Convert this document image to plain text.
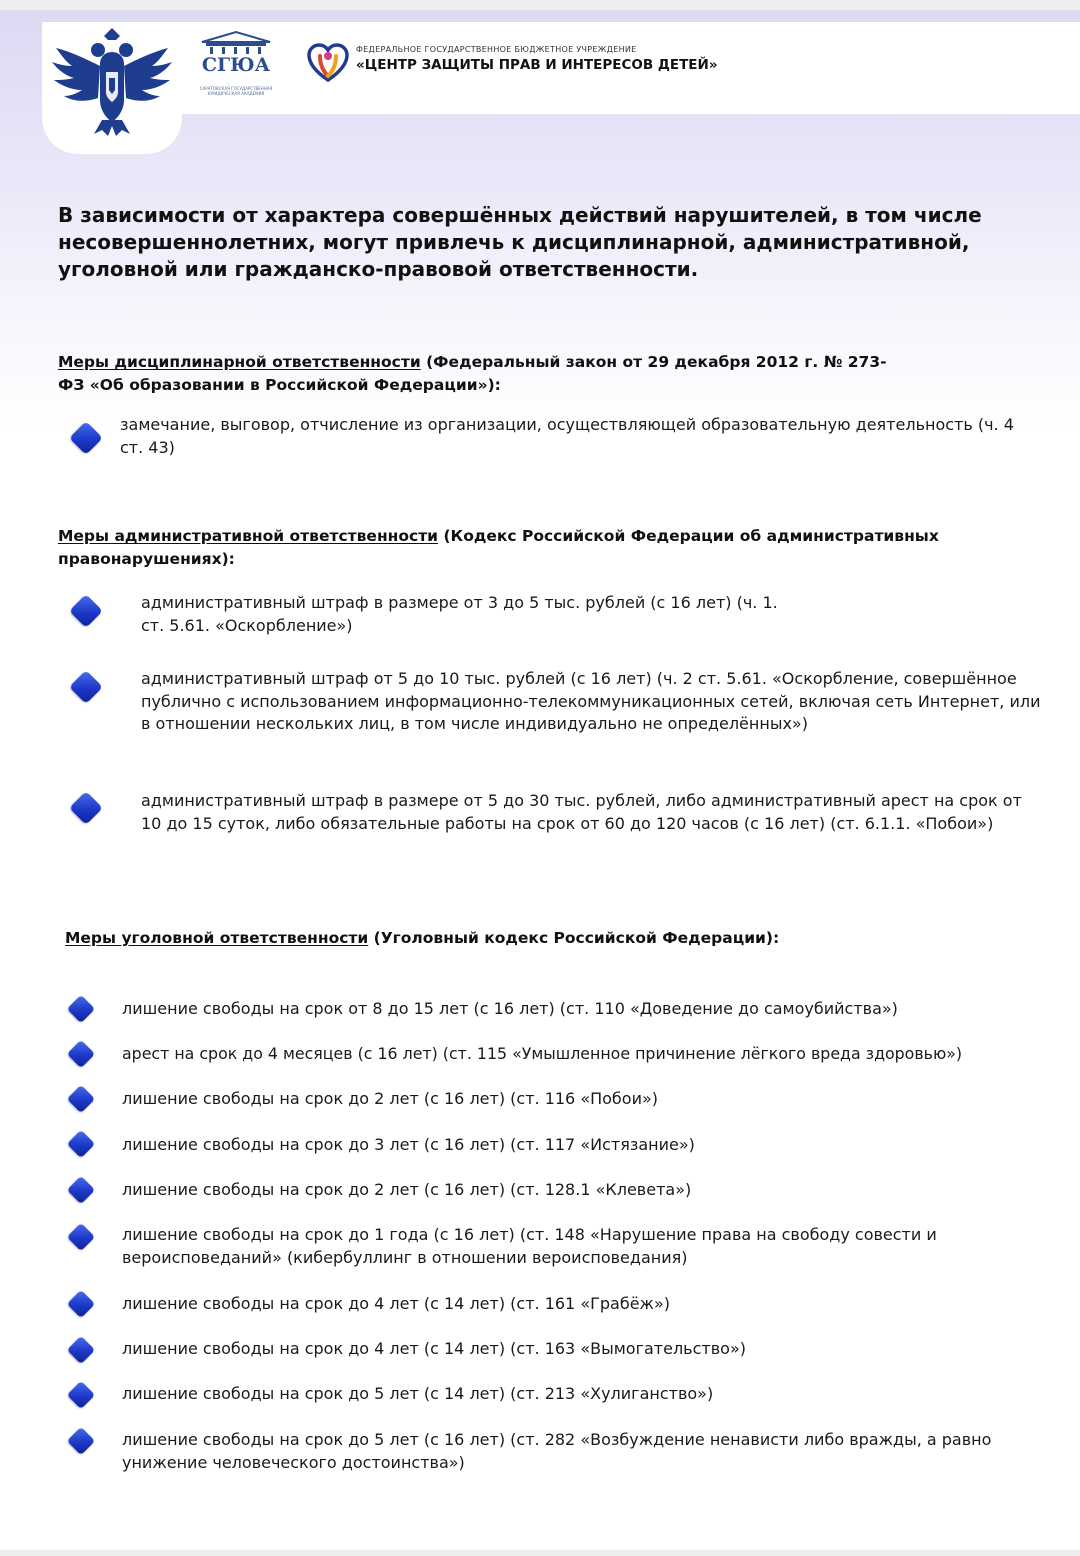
СГЮА
САРАТОВСКАЯ ГОСУДАРСТВЕННАЯ ЮРИДИЧЕСКАЯ АКАДЕМИЯ
ФЕДЕРАЛЬНОЕ ГОСУДАРСТВЕННОЕ БЮДЖЕТНОЕ УЧРЕЖДЕНИЕ
«ЦЕНТР ЗАЩИТЫ ПРАВ И ИНТЕРЕСОВ ДЕТЕЙ»

В зависимости от характера совершённых действий нарушителей, в том числе несовершеннолетних, могут привлечь к дисциплинарной, административной, уголовной или гражданско-правовой ответственности.

Меры дисциплинарной ответственности (Федеральный закон от 29 декабря 2012 г. № 273-ФЗ «Об образовании в Российской Федерации»):

замечание, выговор, отчисление из организации, осуществляющей образовательную деятельность (ч. 4 ст. 43)

Меры административной ответственности (Кодекс Российской Федерации об административных правонарушениях):

административный штраф в размере от 3 до 5 тыс. рублей (с 16 лет) (ч. 1. ст. 5.61. «Оскорбление»)
административный штраф от 5 до 10 тыс. рублей (с 16 лет) (ч. 2 ст. 5.61. «Оскорбление, совершённое публично с использованием информационно-телекоммуникационных сетей, включая сеть Интернет, или в отношении нескольких лиц, в том числе индивидуально не определённых»)
административный штраф в размере от 5 до 30 тыс. рублей, либо административный арест на срок от 10 до 15 суток, либо обязательные работы на срок от 60 до 120 часов (с 16 лет) (ст. 6.1.1. «Побои»)

Меры уголовной ответственности (Уголовный кодекс Российской Федерации):

лишение свободы на срок от 8 до 15 лет (с 16 лет) (ст. 110 «Доведение до самоубийства»)
арест на срок до 4 месяцев (с 16 лет) (ст. 115 «Умышленное причинение лёгкого вреда здоровью»)
лишение свободы на срок до 2 лет (с 16 лет) (ст. 116 «Побои»)
лишение свободы на срок до 3 лет (с 16 лет) (ст. 117 «Истязание»)
лишение свободы на срок до 2 лет (с 16 лет) (ст. 128.1 «Клевета»)
лишение свободы на срок до 1 года (с 16 лет) (ст. 148 «Нарушение права на свободу совести и вероисповеданий» (кибербуллинг в отношении вероисповедания)
лишение свободы на срок до 4 лет (с 14 лет) (ст. 161 «Грабёж»)
лишение свободы на срок до 4 лет (с 14 лет) (ст. 163 «Вымогательство»)
лишение свободы на срок до 5 лет (с 14 лет) (ст. 213 «Хулиганство»)
лишение свободы на срок до 5 лет (с 16 лет) (ст. 282 «Возбуждение ненависти либо вражды, а равно унижение человеческого достоинства»)
